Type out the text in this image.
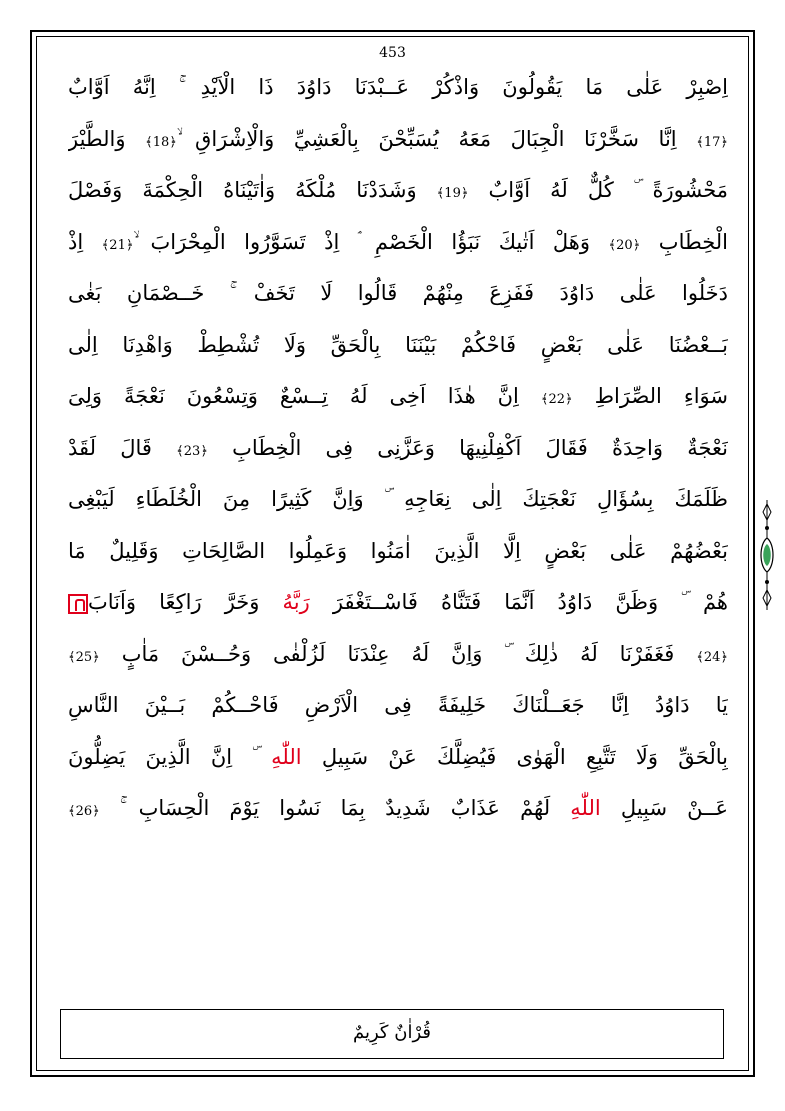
453
اِصْبِرْ عَلٰى مَا يَقُولُونَ وَاذْكُرْ عَــبْدَنَا دَاوُدَ ذَا الْاَيْدِ ۚ اِنَّهُ اَوَّابٌ
﴿17﴾ اِنَّا سَخَّرْنَا الْجِبَالَ مَعَهُ يُسَبِّحْنَ بِالْعَشِيِّ وَالْاِشْرَاقِ ۙ﴿18﴾ وَالطَّيْرَ
مَحْشُورَةً ۜ كُلٌّ لَهُ اَوَّابٌ ﴿19﴾ وَشَدَدْنَا مُلْكَهُ وَاٰتَيْنَاهُ الْحِكْمَةَ وَفَصْلَ
الْخِطَابِ ﴿20﴾ وَهَلْ اَتٰيكَ نَبَؤُا الْخَصْمِ ۘ اِذْ تَسَوَّرُوا الْمِحْرَابَ ۙ﴿21﴾ اِذْ
دَخَلُوا عَلٰى دَاوُدَ فَفَزِعَ مِنْهُمْ قَالُوا لَا تَخَفْ ۚ خَــصْمَانِ بَغٰى
بَــعْضُنَا عَلٰى بَعْضٍ فَاحْكُمْ بَيْنَنَا بِالْحَقِّ وَلَا تُشْطِطْ وَاهْدِنَا اِلٰى
سَوَاءِ الصِّرَاطِ ﴿22﴾ اِنَّ هٰذَا اَخِى لَهُ تِــسْعٌ وَتِسْعُونَ نَعْجَةً وَلِىَ
نَعْجَةٌ وَاحِدَةٌ فَقَالَ اَكْفِلْنِيهَا وَعَزَّنِى فِى الْخِطَابِ ﴿23﴾ قَالَ لَقَدْ
ظَلَمَكَ بِسُؤَالِ نَعْجَتِكَ اِلٰى نِعَاجِهِ ۜ وَاِنَّ كَثِيرًا مِنَ الْخُلَطَاءِ لَيَبْغِى
بَعْضُهُمْ عَلٰى بَعْضٍ اِلَّا الَّذِينَ اٰمَنُوا وَعَمِلُوا الصَّالِحَاتِ وَقَلِيلٌ مَا
هُمْ ۜ وَظَنَّ دَاوُدُ اَنَّمَا فَتَنَّاهُ فَاسْــتَغْفَرَ رَبَّهُ وَخَرَّ رَاكِعًا وَاَنَابَ
﴿24﴾ فَغَفَرْنَا لَهُ ذٰلِكَ ۜ وَاِنَّ لَهُ عِنْدَنَا لَزُلْفٰى وَحُــسْنَ مَاٰبٍ ﴿25﴾
يَا دَاوُدُ اِنَّا جَعَــلْنَاكَ خَلِيفَةً فِى الْاَرْضِ فَاحْــكُمْ بَــيْنَ النَّاسِ
بِالْحَقِّ وَلَا تَتَّبِعِ الْهَوٰى فَيُضِلَّكَ عَنْ سَبِيلِ اللّٰهِ ۜ اِنَّ الَّذِينَ يَضِلُّونَ
عَــنْ سَبِيلِ اللّٰهِ لَهُمْ عَذَابٌ شَدِيدٌ بِمَا نَسُوا يَوْمَ الْحِسَابِ ۚ ﴿26﴾
قُرْاٰنٌ كَرِيمٌ
